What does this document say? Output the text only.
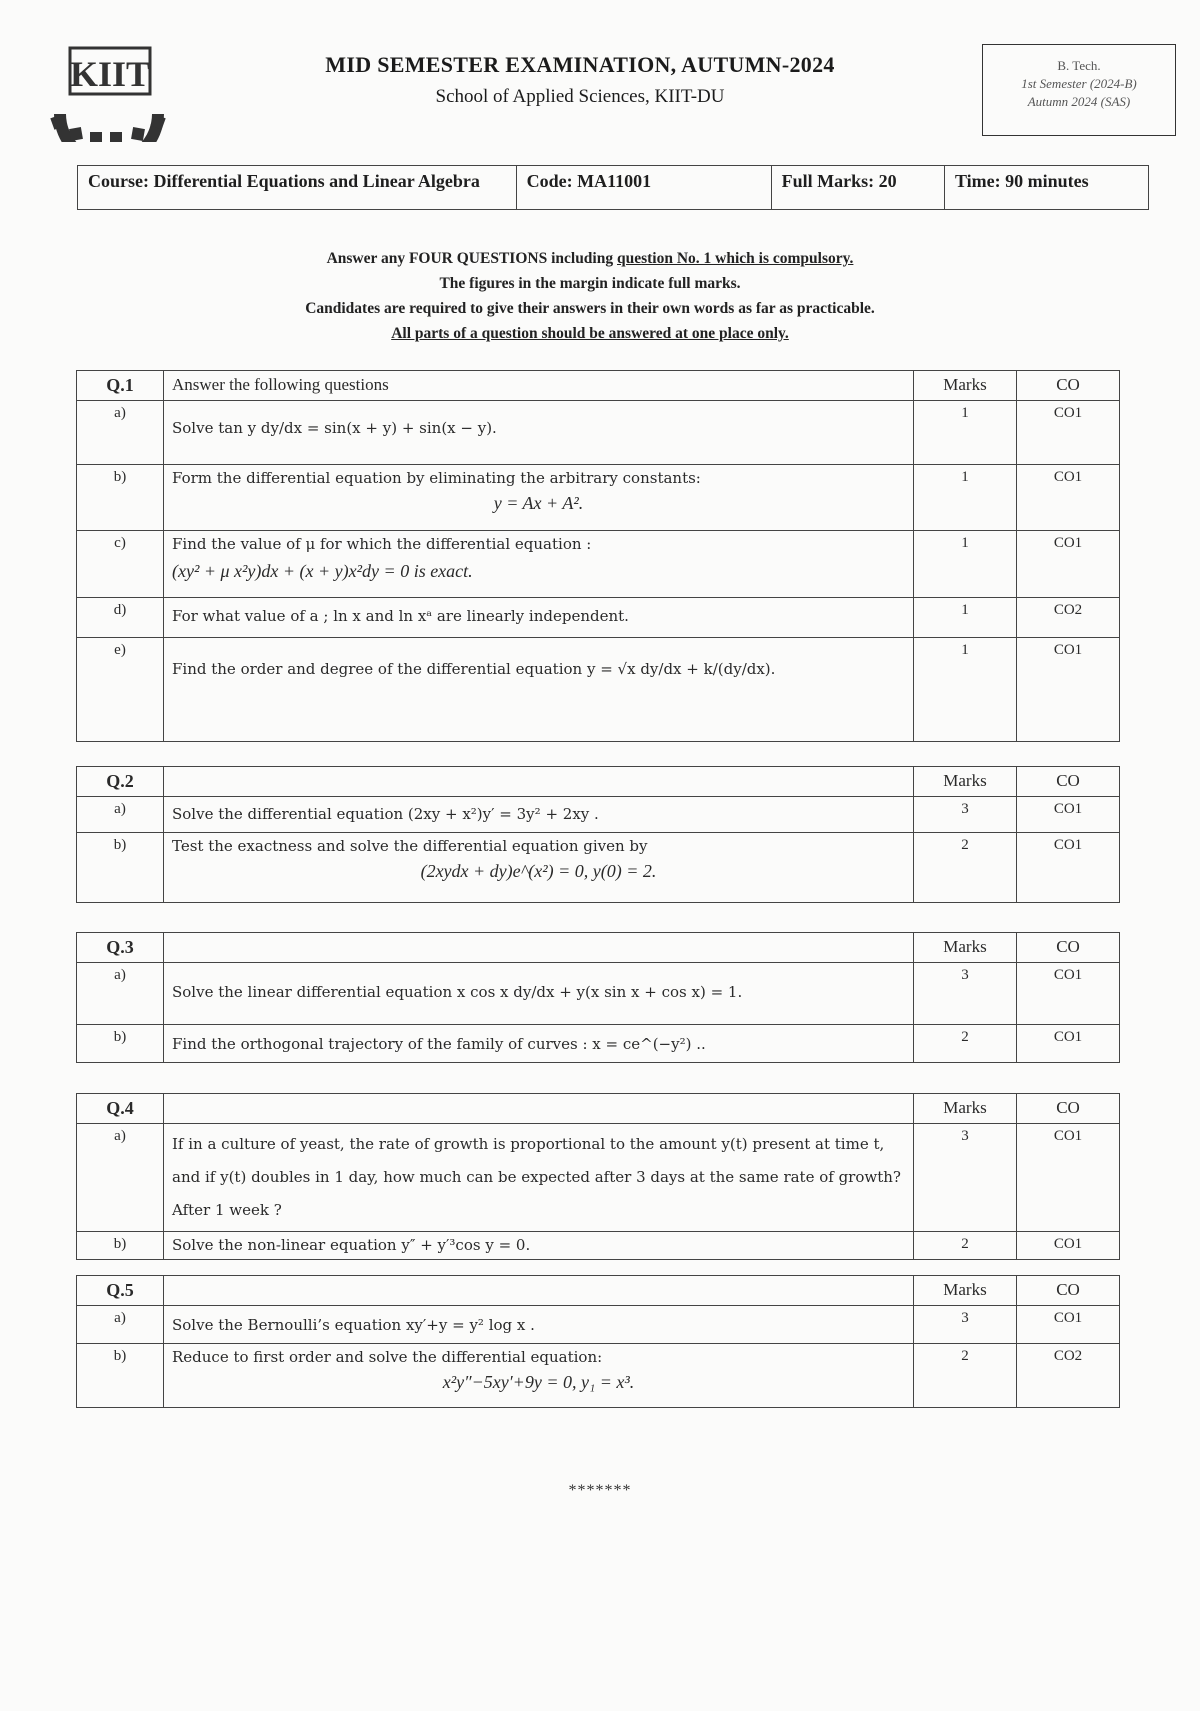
KIIT	MID SEMESTER EXAMINATION, AUTUMN-2024
School of Applied Sciences, KIIT-DU
B. Tech.
1st Semester (2024-B)
Autumn 2024 (SAS)
Course: Differential Equations and Linear Algebra	Code: MA11001	Full Marks: 20	Time: 90 minutes
Answer any FOUR QUESTIONS including question No. 1 which is compulsory.
The figures in the margin indicate full marks.
Candidates are required to give their answers in their own words as far as practicable.
All parts of a question should be answered at one place only.
Q.1	Answer the following questions	Marks	CO
a)	Solve tan y dy/dx = sin(x + y) + sin(x − y).	1	CO1
b)	Form the differential equation by eliminating the arbitrary constants:
y = Ax + A².	1	CO1
c)	Find the value of μ for which the differential equation :
(xy² + μ x²y)dx + (x + y)x²dy = 0 is exact.	1	CO1
d)	For what value of a ; ln x and ln xᵃ are linearly independent.	1	CO2
e)	Find the order and degree of the differential equation y = √x dy/dx + k/(dy/dx).	1	CO1
Q.2		Marks	CO
a)	Solve the differential equation (2xy + x²)y′ = 3y² + 2xy .	3	CO1
b)	Test the exactness and solve the differential equation given by
(2xydx + dy)e^(x²) = 0, y(0) = 2.	2	CO1
Q.3		Marks	CO
a)	Solve the linear differential equation x cos x dy/dx + y(x sin x + cos x) = 1.	3	CO1
b)	Find the orthogonal trajectory of the family of curves : x = ce^(−y²) ..	2	CO1
Q.4		Marks	CO
a)	If in a culture of yeast, the rate of growth is proportional to the amount y(t) present at time t, and if y(t) doubles in 1 day, how much can be expected after 3 days at the same rate of growth? After 1 week ?	3	CO1
b)	Solve the non-linear equation y″ + y′³cos y = 0.	2	CO1
Q.5		Marks	CO
a)	Solve the Bernoulli’s equation xy′+y = y² log x .	3	CO1
b)	Reduce to first order and solve the differential equation:
x²y″−5xy′+9y = 0, y₁ = x³.	2	CO2
*******
